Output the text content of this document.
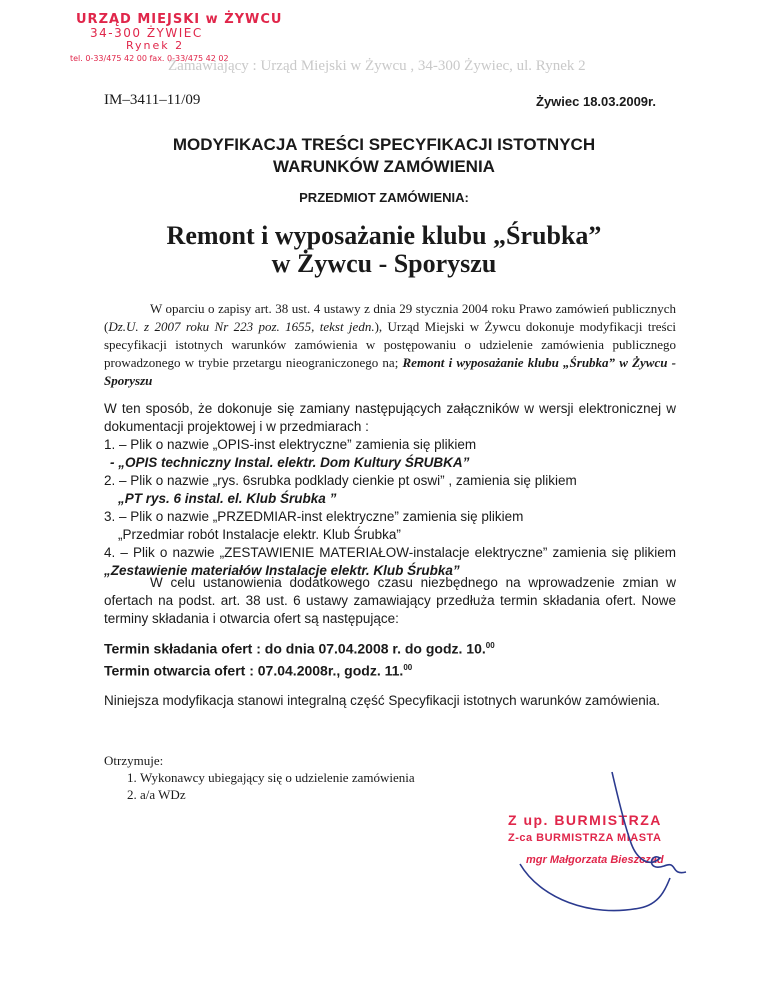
URZĄD MIEJSKI w ŻYWCU
34-300 ŻYWIEC
Rynek 2
tel. 0-33/475 42 00 fax. 0-33/475 42 02
Zamawiający : Urząd Miejski w Żywcu , 34-300 Żywiec, ul. Rynek 2
IM–3411–11/09	Żywiec 18.03.2009r.
MODYFIKACJA TREŚCI SPECYFIKACJI ISTOTNYCH
WARUNKÓW ZAMÓWIENIA
PRZEDMIOT ZAMÓWIENIA:
Remont i wyposażanie klubu „Śrubka”
w Żywcu - Sporyszu

W oparciu o zapisy art. 38 ust. 4 ustawy z dnia 29 stycznia 2004 roku Prawo zamówień publicznych (Dz.U. z 2007 roku Nr 223 poz. 1655, tekst jedn.), Urząd Miejski w Żywcu dokonuje modyfikacji treści specyfikacji istotnych warunków zamówienia w postępowaniu o udzielenie zamówienia publicznego prowadzonego w trybie przetargu nieograniczonego na; Remont i wyposażanie klubu „Śrubka” w Żywcu - Sporyszu

W ten sposób, że dokonuje się zamiany następujących załączników w wersji elektronicznej w dokumentacji projektowej i w przedmiarach :

1. – Plik o nazwie „OPIS-inst elektryczne” zamienia się plikiem

- „OPIS techniczny Instal. elektr. Dom Kultury ŚRUBKA”

2. – Plik o nazwie „rys. 6srubka podklady cienkie pt oswi” , zamienia się plikiem

„PT rys. 6 instal. el. Klub Śrubka ”

3. – Plik o nazwie „PRZEDMIAR-inst elektryczne” zamienia się plikiem

„Przedmiar robót Instalacje elektr. Klub Śrubka”

4. – Plik o nazwie „ZESTAWIENIE MATERIAŁOW-instalacje elektryczne” zamienia się plikiem „Zestawienie materiałów Instalacje elektr. Klub Śrubka”

W celu ustanowienia dodatkowego czasu niezbędnego na wprowadzenie zmian w ofertach na podst. art. 38 ust. 6 ustawy zamawiający przedłuża termin składania ofert. Nowe terminy składania i otwarcia ofert są następujące:

Termin składania ofert : do dnia 07.04.2008 r. do godz. 10.00
Termin otwarcia ofert : 07.04.2008r., godz. 11.00

Niniejsza modyfikacja stanowi integralną część Specyfikacji istotnych warunków zamówienia.

Otrzymuje:
1. Wykonawcy ubiegający się o udzielenie zamówienia
2. a/a WDz
Z up. BURMISTRZA
Z-ca BURMISTRZA MIASTA
mgr Małgorzata Bieszczad
